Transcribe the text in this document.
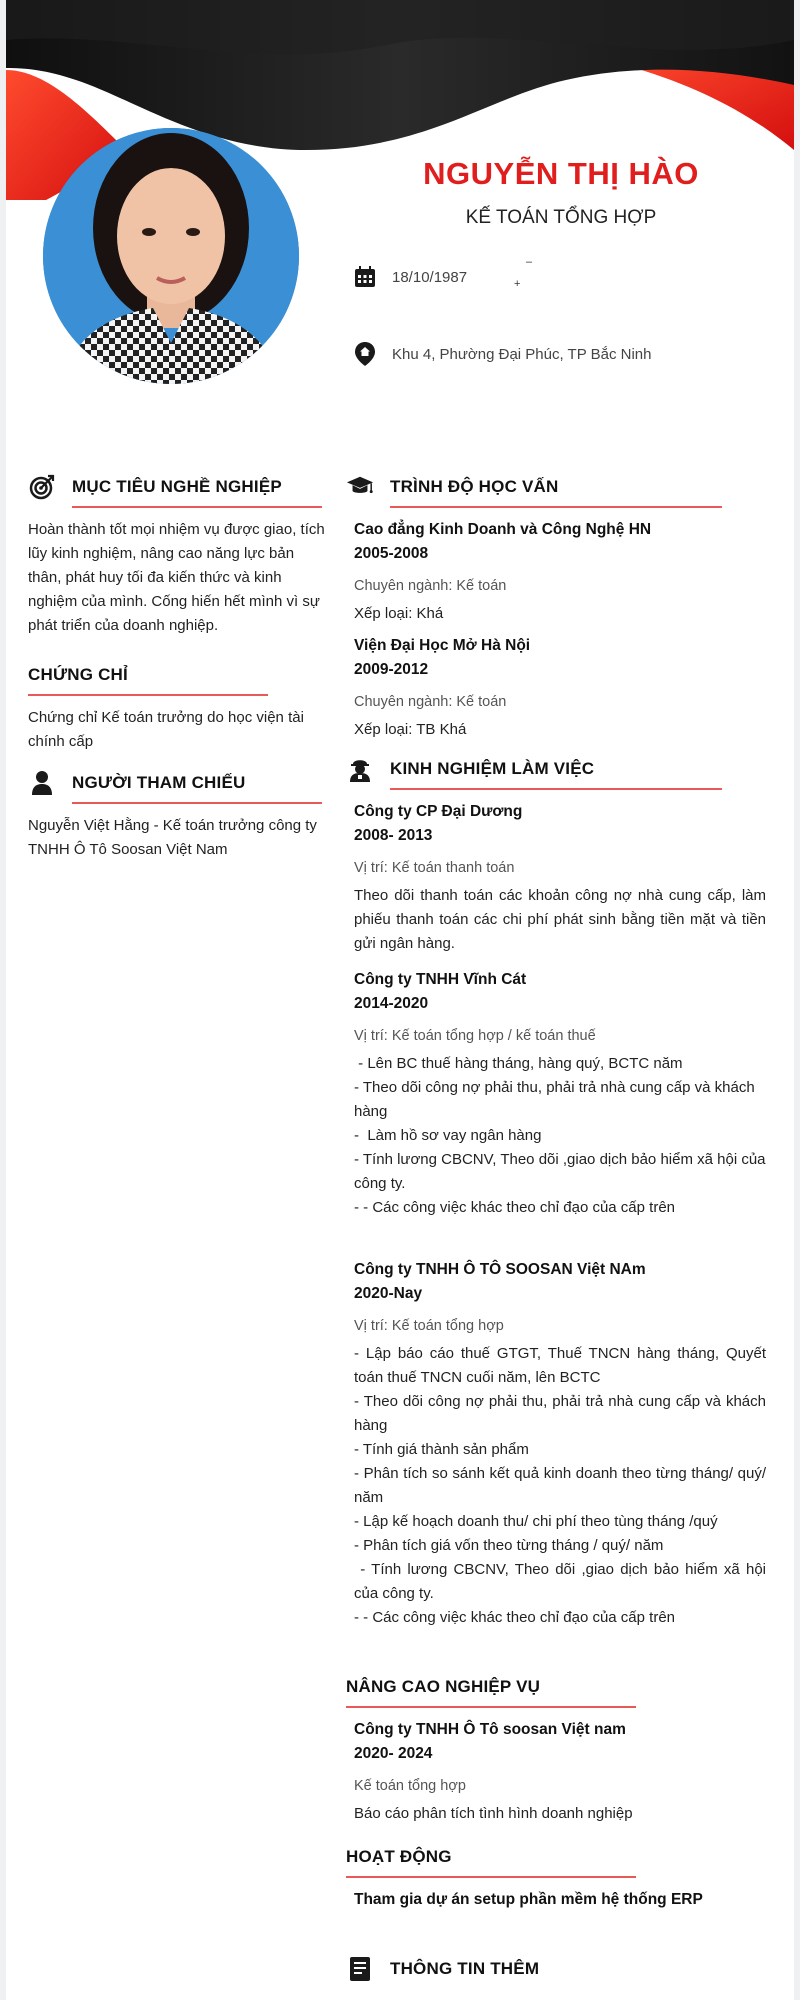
NGUYỄN THỊ HÀO
KẾ TOÁN TỔNG HỢP
18/10/1987
–
+
Khu 4, Phường Đại Phúc, TP Bắc Ninh
MỤC TIÊU NGHỀ NGHIỆP
Hoàn thành tốt mọi nhiệm vụ được giao, tích lũy kinh nghiệm, nâng cao năng lực bản thân, phát huy tối đa kiến thức và kinh nghiệm của mình. Cống hiến hết mình vì sự phát triển của doanh nghiệp.
CHỨNG CHỈ
Chứng chỉ Kế toán trưởng do học viện tài chính cấp
NGƯỜI THAM CHIẾU
Nguyễn Việt Hằng - Kế toán trưởng công ty TNHH Ô Tô Soosan Việt Nam
TRÌNH ĐỘ HỌC VẤN
Cao đẳng Kinh Doanh và Công Nghệ HN
2005-2008
Chuyên ngành: Kế toán
Xếp loại: Khá
Viện Đại Học Mở Hà Nội
2009-2012
Chuyên ngành: Kế toán
Xếp loại: TB Khá
KINH NGHIỆM LÀM VIỆC
Công ty CP Đại Dương
2008- 2013
Vị trí: Kế toán thanh toán
Theo dõi thanh toán các khoản công nợ nhà cung cấp, làm phiếu thanh toán các chi phí phát sinh bằng tiền mặt và tiền gửi ngân hàng.
Công ty TNHH Vĩnh Cát
2014-2020
Vị trí: Kế toán tổng hợp / kế toán thuế
- Lên BC thuế hàng tháng, hàng quý, BCTC năm
- Theo dõi công nợ phải thu, phải trả nhà cung cấp và khách hàng
-  Làm hồ sơ vay ngân hàng
- Tính lương CBCNV, Theo dõi ,giao dịch bảo hiểm xã hội của công ty.
- - Các công việc khác theo chỉ đạo của cấp trên
Công ty TNHH Ô TÔ SOOSAN Việt NAm
2020-Nay
Vị trí: Kế toán tổng hợp
- Lập báo cáo thuế GTGT, Thuế TNCN hàng tháng, Quyết toán thuế TNCN cuối năm, lên BCTC
- Theo dõi công nợ phải thu, phải trả nhà cung cấp và khách hàng
- Tính giá thành sản phẩm
- Phân tích so sánh kết quả kinh doanh theo từng tháng/ quý/ năm
- Lập kế hoạch doanh thu/ chi phí theo tùng tháng /quý
- Phân tích giá vốn theo từng tháng / quý/ năm
- Tính lương CBCNV, Theo dõi ,giao dịch bảo hiểm xã hội của công ty.
- - Các công việc khác theo chỉ đạo của cấp trên
NÂNG CAO NGHIỆP VỤ
Công ty TNHH Ô Tô soosan Việt nam
2020- 2024
Kế toán tổng hợp
Báo cáo phân tích tình hình doanh nghiệp
HOẠT ĐỘNG
Tham gia dự án setup phần mềm hệ thống ERP
THÔNG TIN THÊM
